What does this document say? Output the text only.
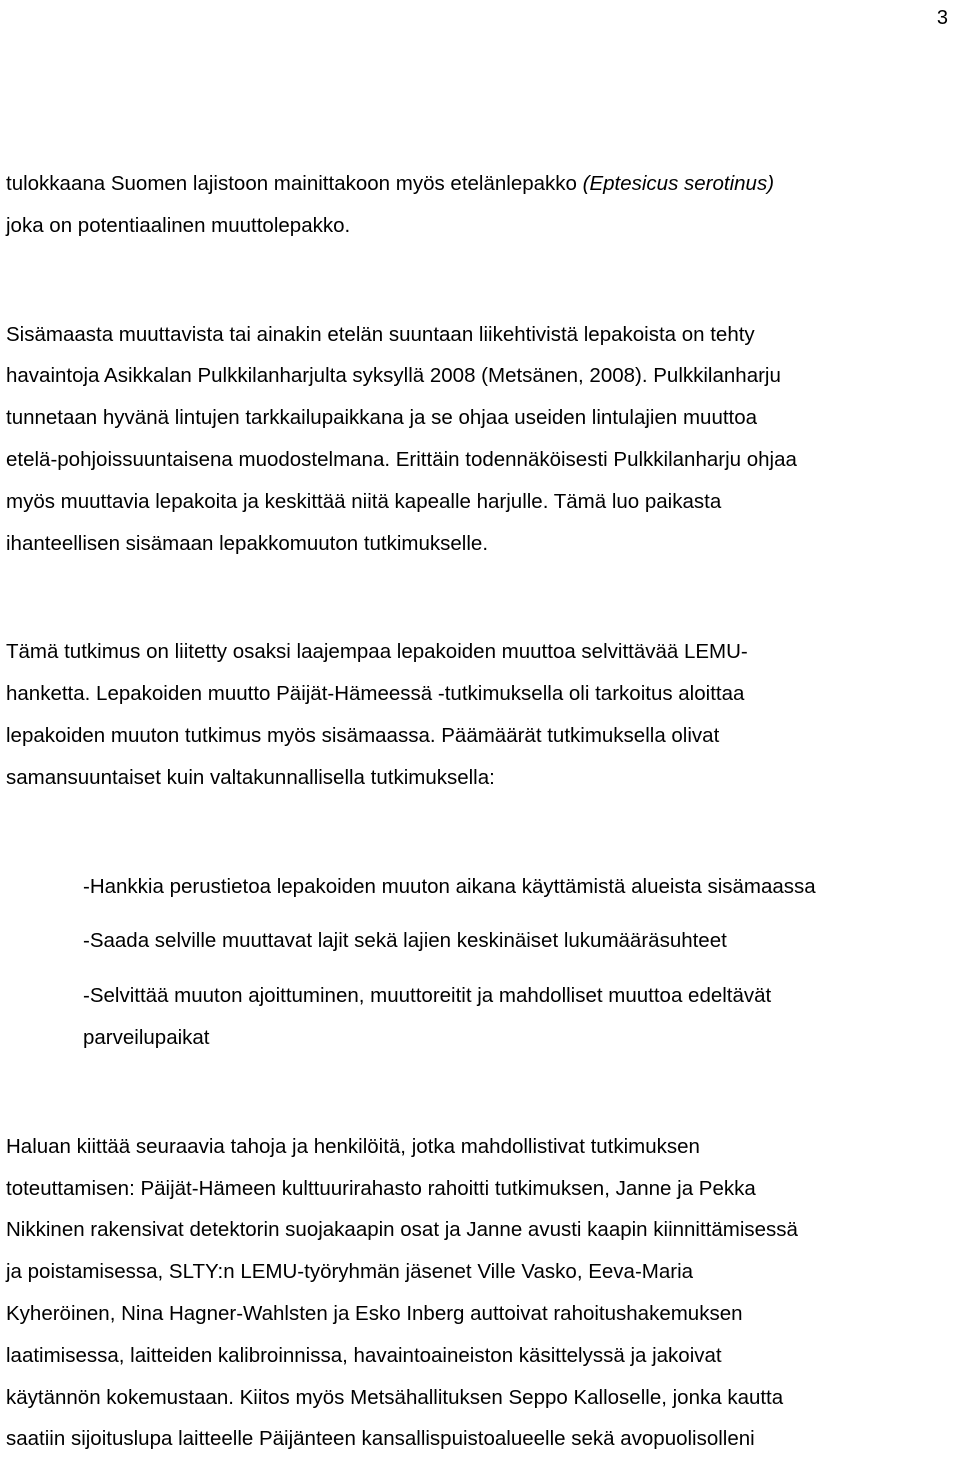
3

tulokkaana Suomen lajistoon mainittakoon myös etelänlepakko (Eptesicus serotinus)
joka on potentiaalinen muuttolepakko.

Sisämaasta muuttavista tai ainakin etelän suuntaan liikehtivistä lepakoista on tehty
havaintoja Asikkalan Pulkkilanharjulta syksyllä 2008 (Metsänen, 2008). Pulkkilanharju
tunnetaan hyvänä lintujen tarkkailupaikkana ja se ohjaa useiden lintulajien muuttoa
etelä-pohjoissuuntaisena muodostelmana. Erittäin todennäköisesti Pulkkilanharju ohjaa
myös muuttavia lepakoita ja keskittää niitä kapealle harjulle. Tämä luo paikasta
ihanteellisen sisämaan lepakkomuuton tutkimukselle.

Tämä tutkimus on liitetty osaksi laajempaa lepakoiden muuttoa selvittävää LEMU-
hanketta. Lepakoiden muutto Päijät-Hämeessä -tutkimuksella oli tarkoitus aloittaa
lepakoiden muuton tutkimus myös sisämaassa. Päämäärät tutkimuksella olivat
samansuuntaiset kuin valtakunnallisella tutkimuksella:

-Hankkia perustietoa lepakoiden muuton aikana käyttämistä alueista sisämaassa
-Saada selville muuttavat lajit sekä lajien keskinäiset lukumääräsuhteet
-Selvittää muuton ajoittuminen, muuttoreitit ja mahdolliset muuttoa edeltävät
parveilupaikat

Haluan kiittää seuraavia tahoja ja henkilöitä, jotka mahdollistivat tutkimuksen
toteuttamisen: Päijät-Hämeen kulttuurirahasto rahoitti tutkimuksen, Janne ja Pekka
Nikkinen rakensivat detektorin suojakaapin osat ja Janne avusti kaapin kiinnittämisessä
ja poistamisessa, SLTY:n LEMU-työryhmän jäsenet Ville Vasko, Eeva-Maria
Kyheröinen, Nina Hagner-Wahlsten ja Esko Inberg auttoivat rahoitushakemuksen
laatimisessa, laitteiden kalibroinnissa, havaintoaineiston käsittelyssä ja jakoivat
käytännön kokemustaan. Kiitos myös Metsähallituksen Seppo Kalloselle, jonka kautta
saatiin sijoituslupa laitteelle Päijänteen kansallispuistoalueelle sekä avopuolisolleni
